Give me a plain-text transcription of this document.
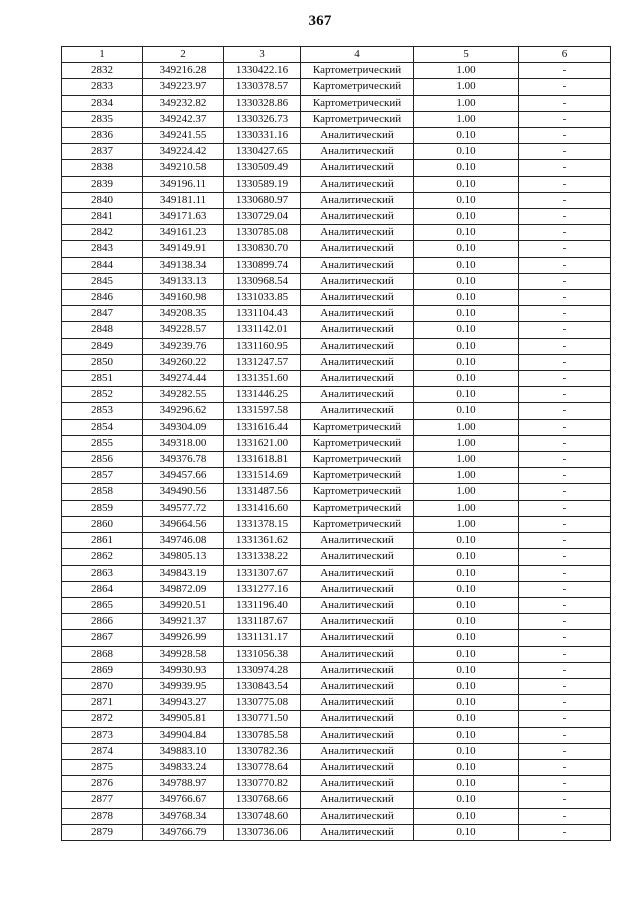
367
1	2	3	4	5	6
2832	349216.28	1330422.16	Картометрический	1.00	-
2833	349223.97	1330378.57	Картометрический	1.00	-
2834	349232.82	1330328.86	Картометрический	1.00	-
2835	349242.37	1330326.73	Картометрический	1.00	-
2836	349241.55	1330331.16	Аналитический	0.10	-
2837	349224.42	1330427.65	Аналитический	0.10	-
2838	349210.58	1330509.49	Аналитический	0.10	-
2839	349196.11	1330589.19	Аналитический	0.10	-
2840	349181.11	1330680.97	Аналитический	0.10	-
2841	349171.63	1330729.04	Аналитический	0.10	-
2842	349161.23	1330785.08	Аналитический	0.10	-
2843	349149.91	1330830.70	Аналитический	0.10	-
2844	349138.34	1330899.74	Аналитический	0.10	-
2845	349133.13	1330968.54	Аналитический	0.10	-
2846	349160.98	1331033.85	Аналитический	0.10	-
2847	349208.35	1331104.43	Аналитический	0.10	-
2848	349228.57	1331142.01	Аналитический	0.10	-
2849	349239.76	1331160.95	Аналитический	0.10	-
2850	349260.22	1331247.57	Аналитический	0.10	-
2851	349274.44	1331351.60	Аналитический	0.10	-
2852	349282.55	1331446.25	Аналитический	0.10	-
2853	349296.62	1331597.58	Аналитический	0.10	-
2854	349304.09	1331616.44	Картометрический	1.00	-
2855	349318.00	1331621.00	Картометрический	1.00	-
2856	349376.78	1331618.81	Картометрический	1.00	-
2857	349457.66	1331514.69	Картометрический	1.00	-
2858	349490.56	1331487.56	Картометрический	1.00	-
2859	349577.72	1331416.60	Картометрический	1.00	-
2860	349664.56	1331378.15	Картометрический	1.00	-
2861	349746.08	1331361.62	Аналитический	0.10	-
2862	349805.13	1331338.22	Аналитический	0.10	-
2863	349843.19	1331307.67	Аналитический	0.10	-
2864	349872.09	1331277.16	Аналитический	0.10	-
2865	349920.51	1331196.40	Аналитический	0.10	-
2866	349921.37	1331187.67	Аналитический	0.10	-
2867	349926.99	1331131.17	Аналитический	0.10	-
2868	349928.58	1331056.38	Аналитический	0.10	-
2869	349930.93	1330974.28	Аналитический	0.10	-
2870	349939.95	1330843.54	Аналитический	0.10	-
2871	349943.27	1330775.08	Аналитический	0.10	-
2872	349905.81	1330771.50	Аналитический	0.10	-
2873	349904.84	1330785.58	Аналитический	0.10	-
2874	349883.10	1330782.36	Аналитический	0.10	-
2875	349833.24	1330778.64	Аналитический	0.10	-
2876	349788.97	1330770.82	Аналитический	0.10	-
2877	349766.67	1330768.66	Аналитический	0.10	-
2878	349768.34	1330748.60	Аналитический	0.10	-
2879	349766.79	1330736.06	Аналитический	0.10	-
